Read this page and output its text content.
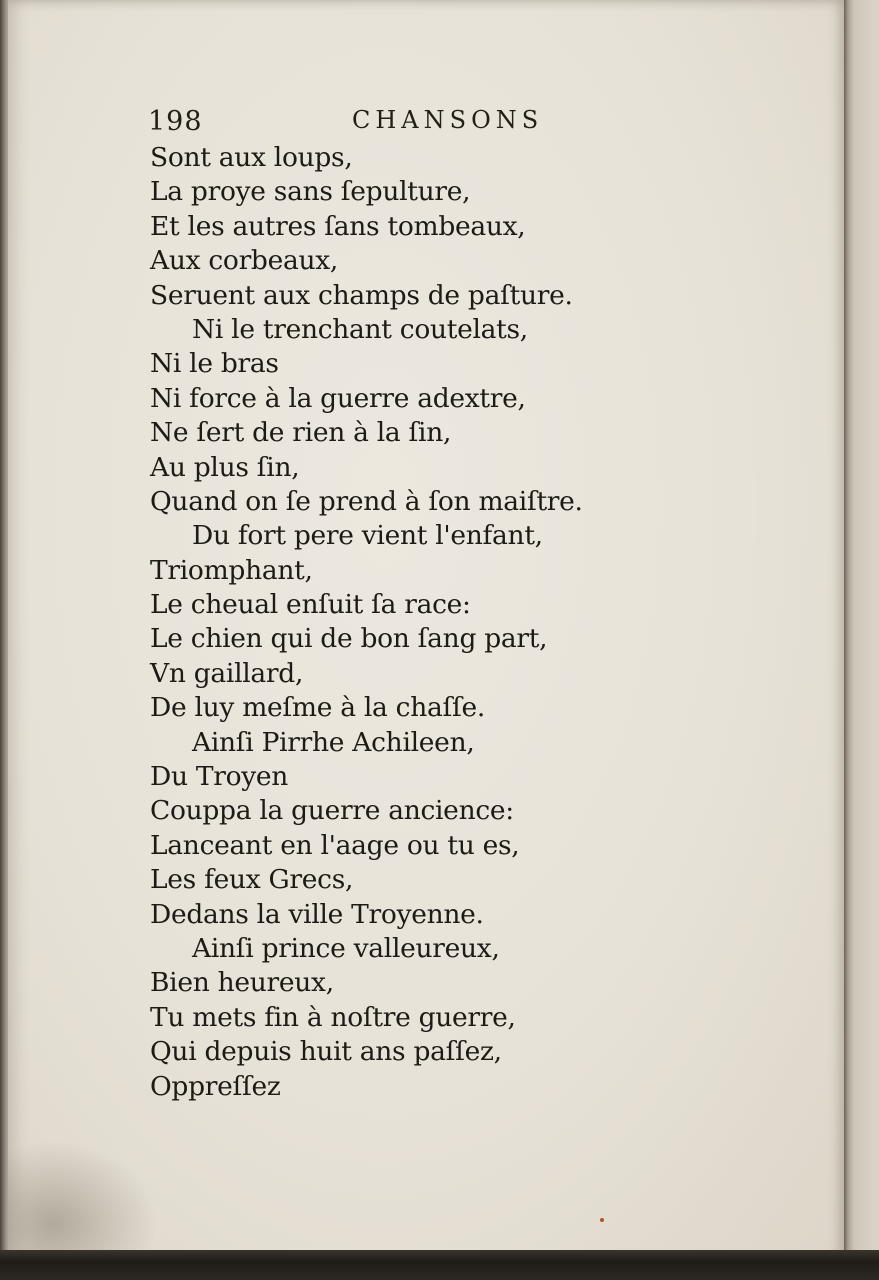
198	CHANSONS
Sont aux loups,
La proye sans ſepulture,
Et les autres ſans tombeaux,
Aux corbeaux,
Seruent aux champs de paſture.
Ni le trenchant coutelats,
Ni le bras
Ni force à la guerre adextre,
Ne ſert de rien à la ſin,
Au plus ſin,
Quand on ſe prend à ſon maiſtre.
Du fort pere vient l'enfant,
Triomphant,
Le cheual enſuit ſa race:
Le chien qui de bon ſang part,
Vn gaillard,
De luy meſme à la chaſſe.
Ainſi Pirrhe Achileen,
Du Troyen
Couppa la guerre ancience:
Lanceant en l'aage ou tu es,
Les feux Grecs,
Dedans la ville Troyenne.
Ainſi prince valleureux,
Bien heureux,
Tu mets fin à noſtre guerre,
Qui depuis huit ans paſſez,
Oppreſſez
